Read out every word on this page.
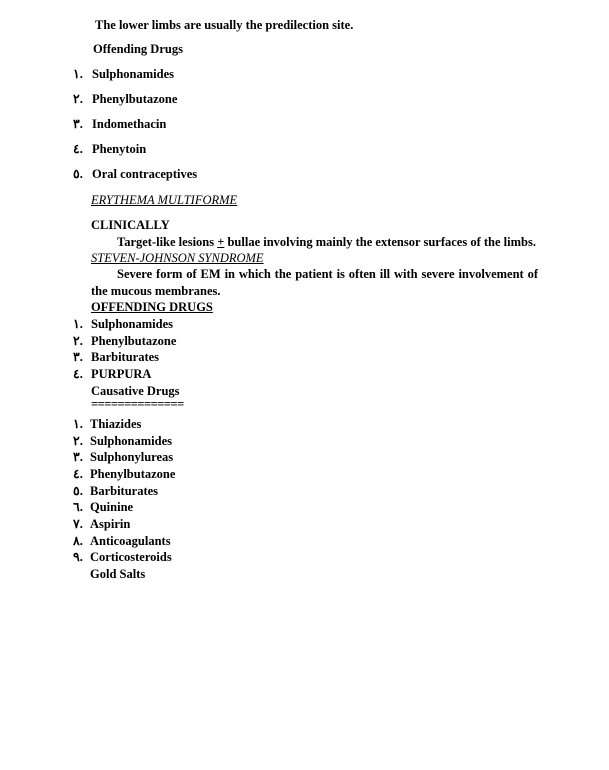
The lower limbs are usually the predilection site.
Offending Drugs
١. Sulphonamides
٢. Phenylbutazone
٣. Indomethacin
٤. Phenytoin
٥. Oral contraceptives
ERYTHEMA MULTIFORME
CLINICALLY
Target-like lesions + bullae involving mainly the extensor surfaces of the limbs.
STEVEN-JOHNSON SYNDROME
Severe form of EM in which the patient is often ill with severe involvement of the mucous membranes.
OFFENDING DRUGS
١. Sulphonamides
٢. Phenylbutazone
٣. Barbiturates
٤. PURPURA
Causative Drugs
==============
١. Thiazides
٢. Sulphonamides
٣. Sulphonylureas
٤. Phenylbutazone
٥. Barbiturates
٦. Quinine
٧. Aspirin
٨. Anticoagulants
٩. Corticosteroids
Gold Salts
